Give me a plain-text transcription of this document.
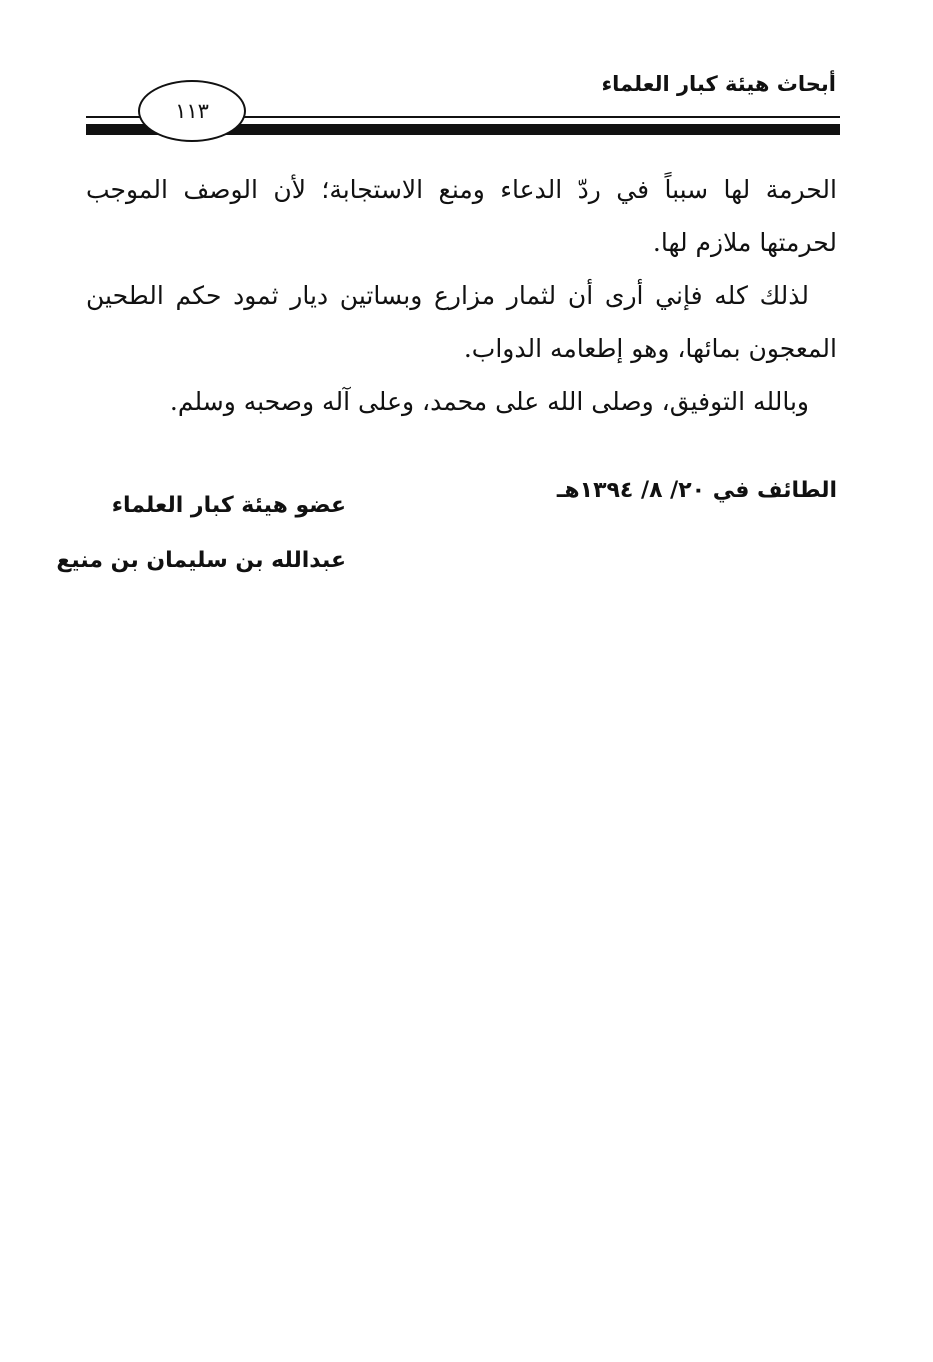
أبحاث هيئة كبار العلماء
١١٣

الحرمة لها سبباً في ردّ الدعاء ومنع الاستجابة؛ لأن الوصف الموجب لحرمتها ملازم لها.

لذلك كله فإني أرى أن لثمار مزارع وبساتين ديار ثمود حكم الطحين المعجون بمائها، وهو إطعامه الدواب.

وبالله التوفيق، وصلى الله على محمد، وعلى آله وصحبه وسلم.

الطائف في ٢٠/ ٨/ ١٣٩٤هـ
عضو هيئة كبار العلماء
عبدالله بن سليمان بن منيع
